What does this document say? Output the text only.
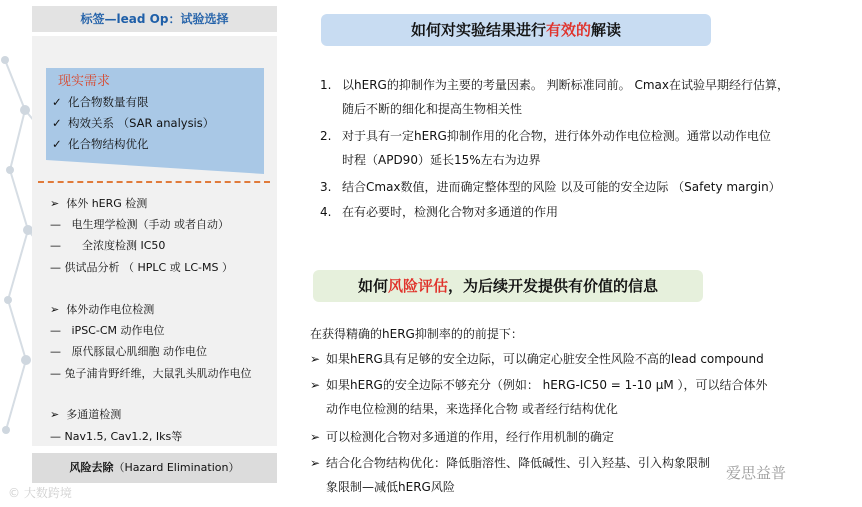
标签—lead Op：试验选择
现实需求
✓ 化合物数量有限
✓ 构效关系 （SAR analysis）
✓ 化合物结构优化
➢ 体外 hERG 检测
— 电生理学检测（手动 或者自动）
— 全浓度检测 IC50
— 供试品分析 （ HPLC 或 LC-MS ）
➢ 体外动作电位检测
— iPSC-CM 动作电位
— 原代豚鼠心肌细胞 动作电位
— 兔子浦肯野纤维，大鼠乳头肌动作电位
➢ 多通道检测
— Nav1.5, Cav1.2, Iks等
风险去除（Hazard Elimination）
如何对实验结果进行有效的解读
1. 以hERG的抑制作为主要的考量因素。 判断标准同前。 Cmax在试验早期经行估算，
随后不断的细化和提高生物相关性
2. 对于具有一定hERG抑制作用的化合物，进行体外动作电位检测。通常以动作电位
时程（APD90）延长15%左右为边界
3. 结合Cmax数值，进而确定整体型的风险 以及可能的安全边际 （Safety margin）
4. 在有必要时，检测化合物对多通道的作用
如何风险评估，为后续开发提供有价值的信息
在获得精确的hERG抑制率的的前提下：
➢ 如果hERG具有足够的安全边际，可以确定心脏安全性风险不高的lead compound
➢ 如果hERG的安全边际不够充分（例如： hERG-IC50 = 1-10 μM ），可以结合体外
动作电位检测的结果，来选择化合物 或者经行结构优化
➢ 可以检测化合物对多通道的作用，经行作用机制的确定
➢ 结合化合物结构优化：降低脂溶性、降低碱性、引入羟基、引入构象限制
象限制—减低hERG风险
© 大数跨境
爱思益普
